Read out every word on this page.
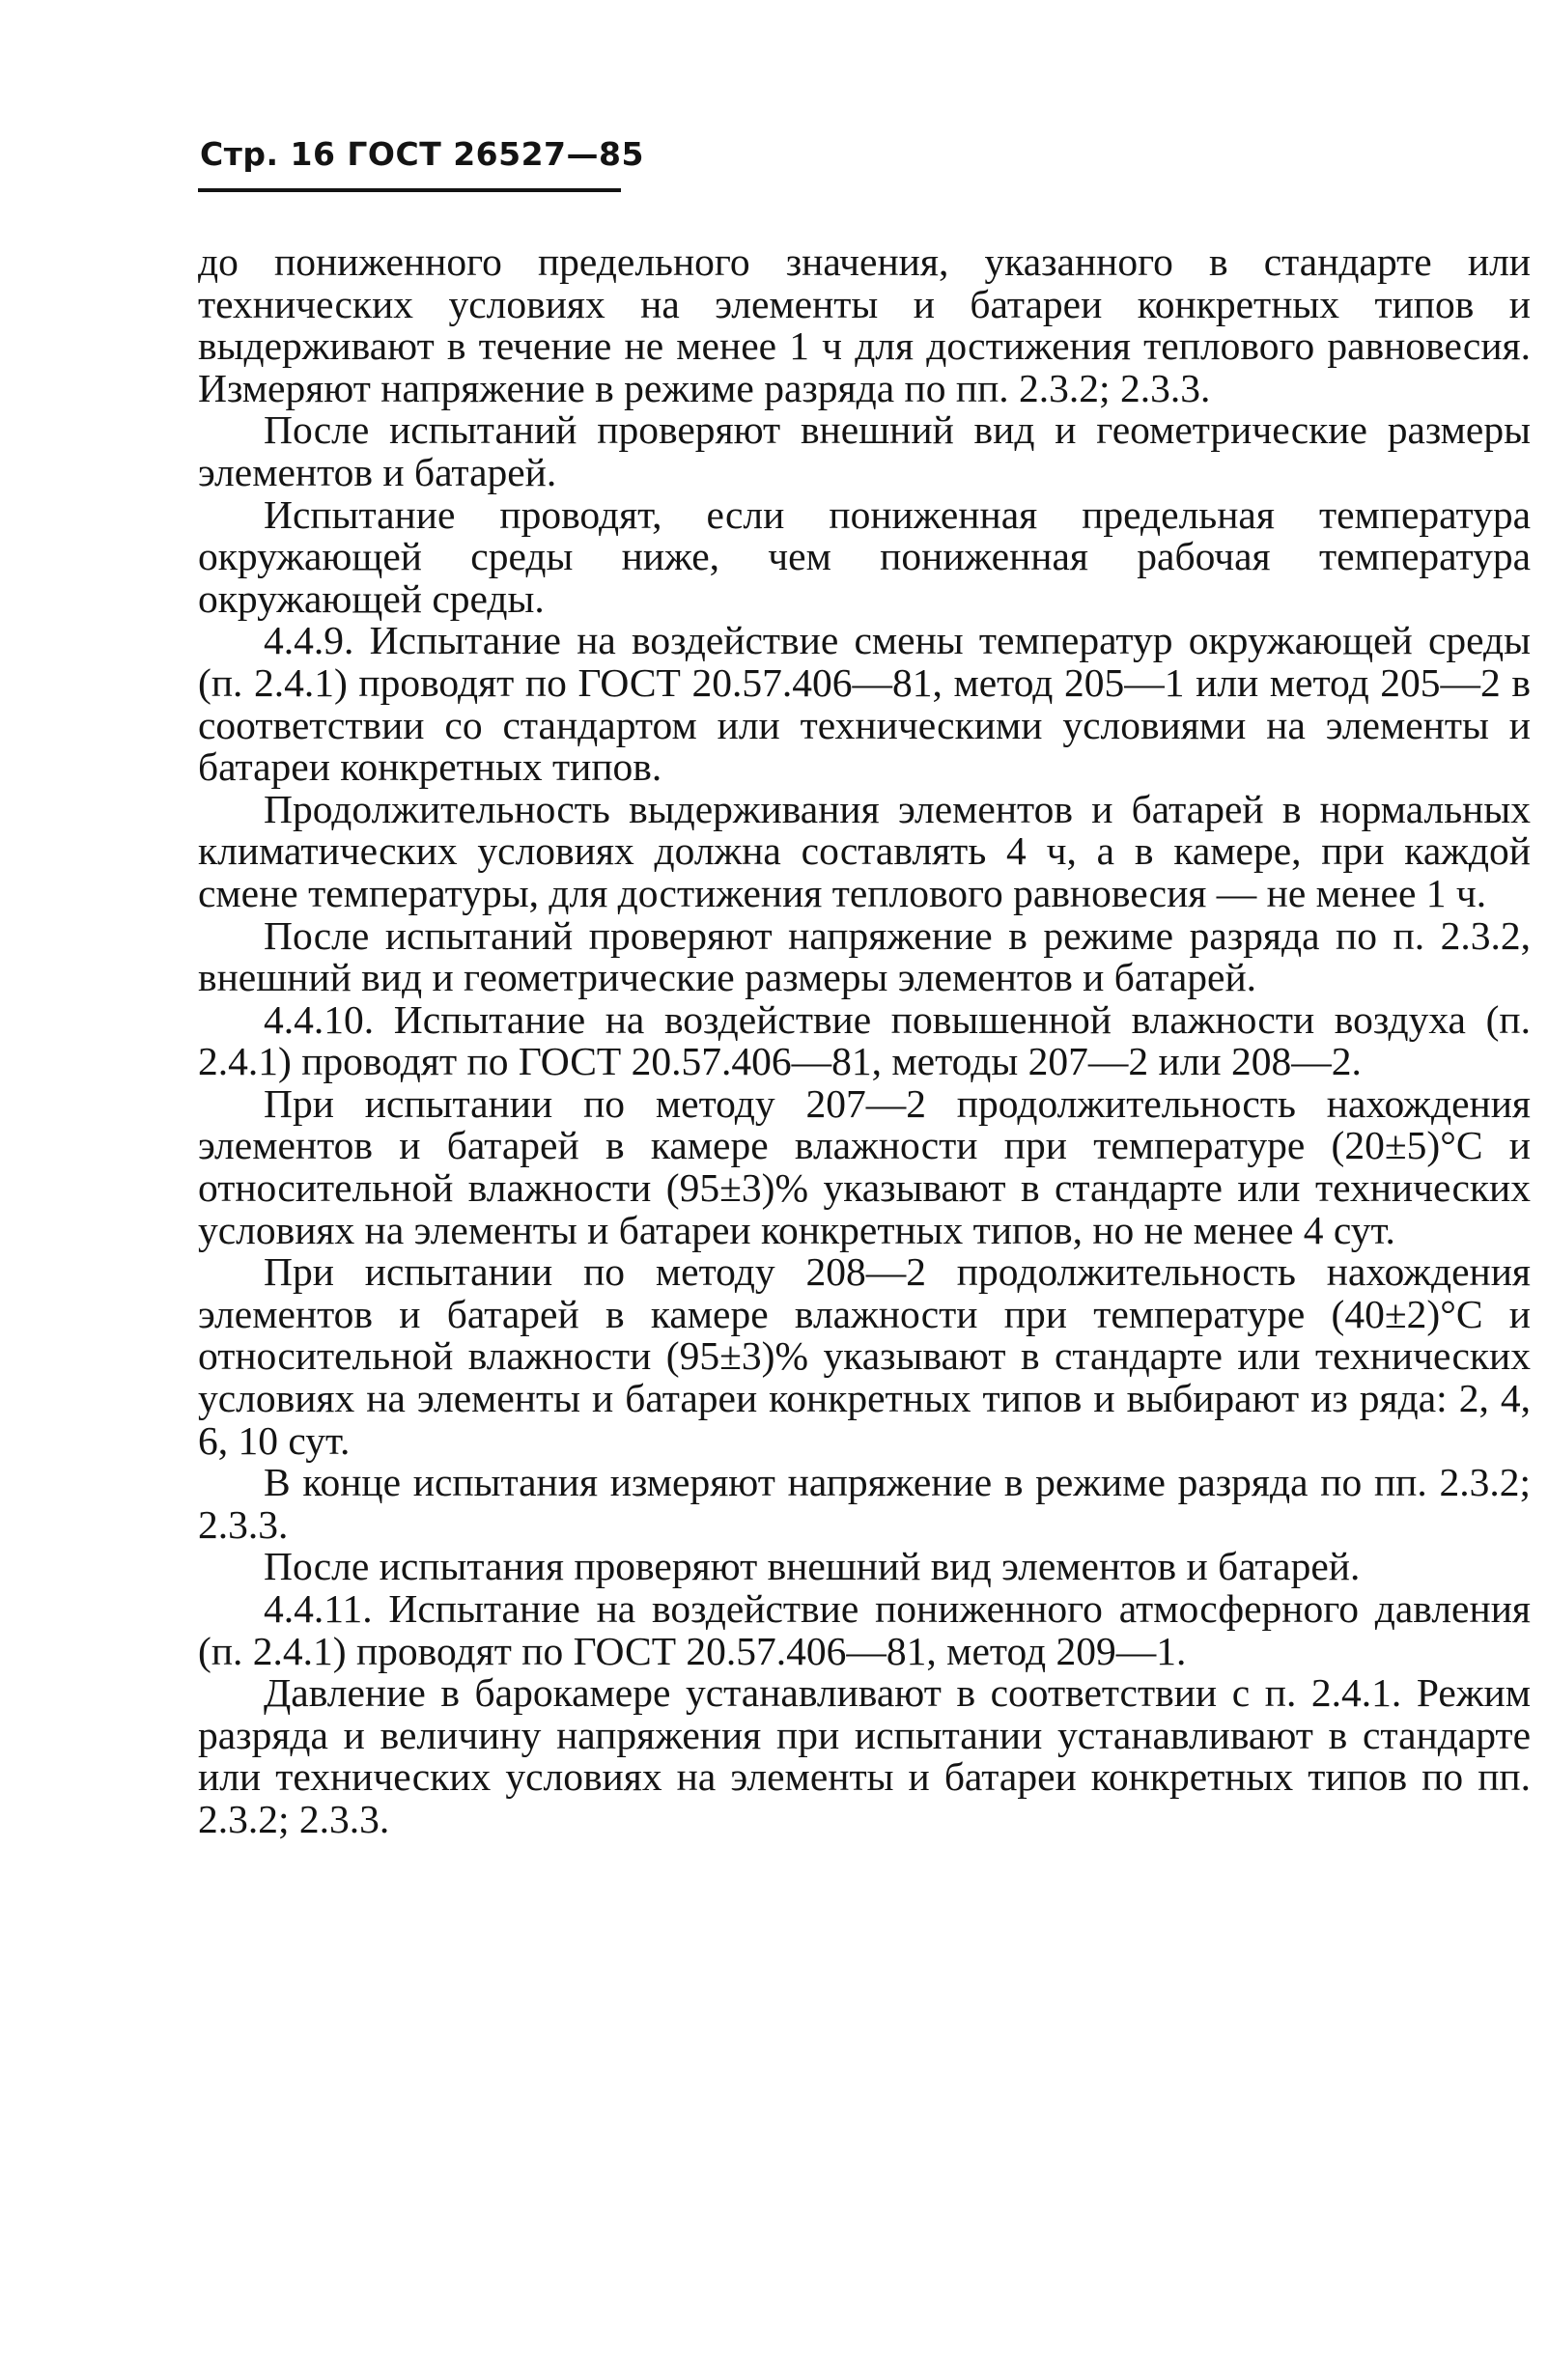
Стр. 16 ГОСТ 26527—85

до пониженного предельного значения, указанного в стандарте или технических условиях на элементы и батареи конкретных типов и выдерживают в течение не менее 1 ч для достижения теплового равновесия. Измеряют напряжение в режиме разряда по пп. 2.3.2; 2.3.3.

После испытаний проверяют внешний вид и геометрические размеры элементов и батарей.

Испытание проводят, если пониженная предельная температура окружающей среды ниже, чем пониженная рабочая температура окружающей среды.

4.4.9. Испытание на воздействие смены температур окружающей среды (п. 2.4.1) проводят по ГОСТ 20.57.406—81, метод 205—1 или метод 205—2 в соответствии со стандартом или техническими условиями на элементы и батареи конкретных типов.

Продолжительность выдерживания элементов и батарей в нормальных климатических условиях должна составлять 4 ч, а в камере, при каждой смене температуры, для достижения теплового равновесия — не менее 1 ч.

После испытаний проверяют напряжение в режиме разряда по п. 2.3.2, внешний вид и геометрические размеры элементов и батарей.

4.4.10. Испытание на воздействие повышенной влажности воздуха (п. 2.4.1) проводят по ГОСТ 20.57.406—81, методы 207—2 или 208—2.

При испытании по методу 207—2 продолжительность нахождения элементов и батарей в камере влажности при температуре (20±5)°C и относительной влажности (95±3)% указывают в стандарте или технических условиях на элементы и батареи конкретных типов, но не менее 4 сут.

При испытании по методу 208—2 продолжительность нахождения элементов и батарей в камере влажности при температуре (40±2)°C и относительной влажности (95±3)% указывают в стандарте или технических условиях на элементы и батареи конкретных типов и выбирают из ряда: 2, 4, 6, 10 сут.

В конце испытания измеряют напряжение в режиме разряда по пп. 2.3.2; 2.3.3.

После испытания проверяют внешний вид элементов и батарей.

4.4.11. Испытание на воздействие пониженного атмосферного давления (п. 2.4.1) проводят по ГОСТ 20.57.406—81, метод 209—1.

Давление в барокамере устанавливают в соответствии с п. 2.4.1. Режим разряда и величину напряжения при испытании устанавливают в стандарте или технических условиях на элементы и батареи конкретных типов по пп. 2.3.2; 2.3.3.
